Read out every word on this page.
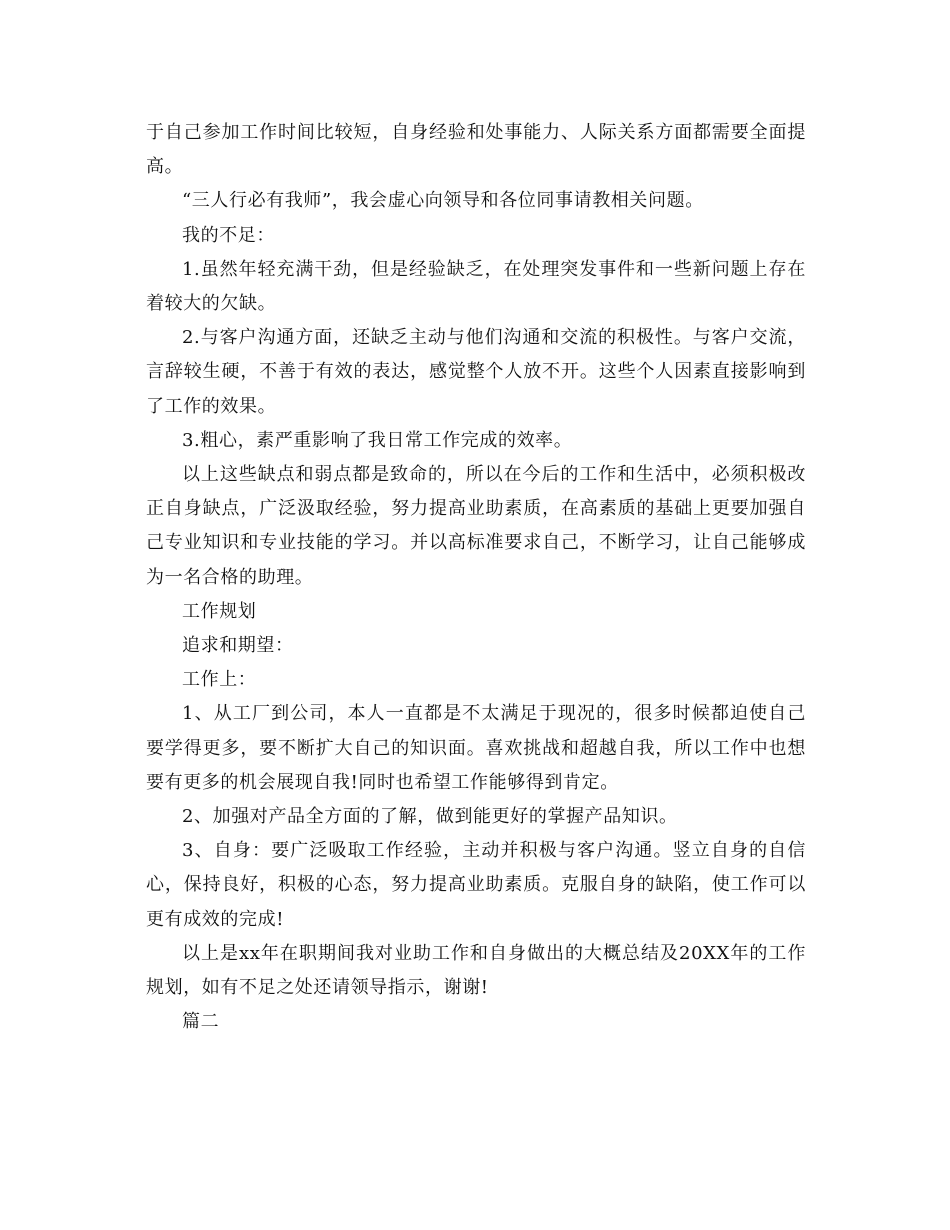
于自己参加工作时间比较短，自身经验和处事能力、人际关系方面都需要全面提高。

“三人行必有我师”，我会虚心向领导和各位同事请教相关问题。

我的不足：

1.虽然年轻充满干劲，但是经验缺乏，在处理突发事件和一些新问题上存在着较大的欠缺。

2.与客户沟通方面，还缺乏主动与他们沟通和交流的积极性。与客户交流，言辞较生硬，不善于有效的表达，感觉整个人放不开。这些个人因素直接影响到了工作的效果。

3.粗心，素严重影响了我日常工作完成的效率。

以上这些缺点和弱点都是致命的，所以在今后的工作和生活中，必须积极改正自身缺点，广泛汲取经验，努力提高业助素质，在高素质的基础上更要加强自己专业知识和专业技能的学习。并以高标准要求自己，不断学习，让自己能够成为一名合格的助理。

工作规划

追求和期望：

工作上：

1、从工厂到公司，本人一直都是不太满足于现况的，很多时候都迫使自己要学得更多，要不断扩大自己的知识面。喜欢挑战和超越自我，所以工作中也想要有更多的机会展现自我!同时也希望工作能够得到肯定。

2、加强对产品全方面的了解，做到能更好的掌握产品知识。

3、自身：要广泛吸取工作经验，主动并积极与客户沟通。竖立自身的自信心，保持良好，积极的心态，努力提高业助素质。克服自身的缺陷，使工作可以更有成效的完成!

以上是xx年在职期间我对业助工作和自身做出的大概总结及20XX年的工作规划，如有不足之处还请领导指示，谢谢!

篇二
